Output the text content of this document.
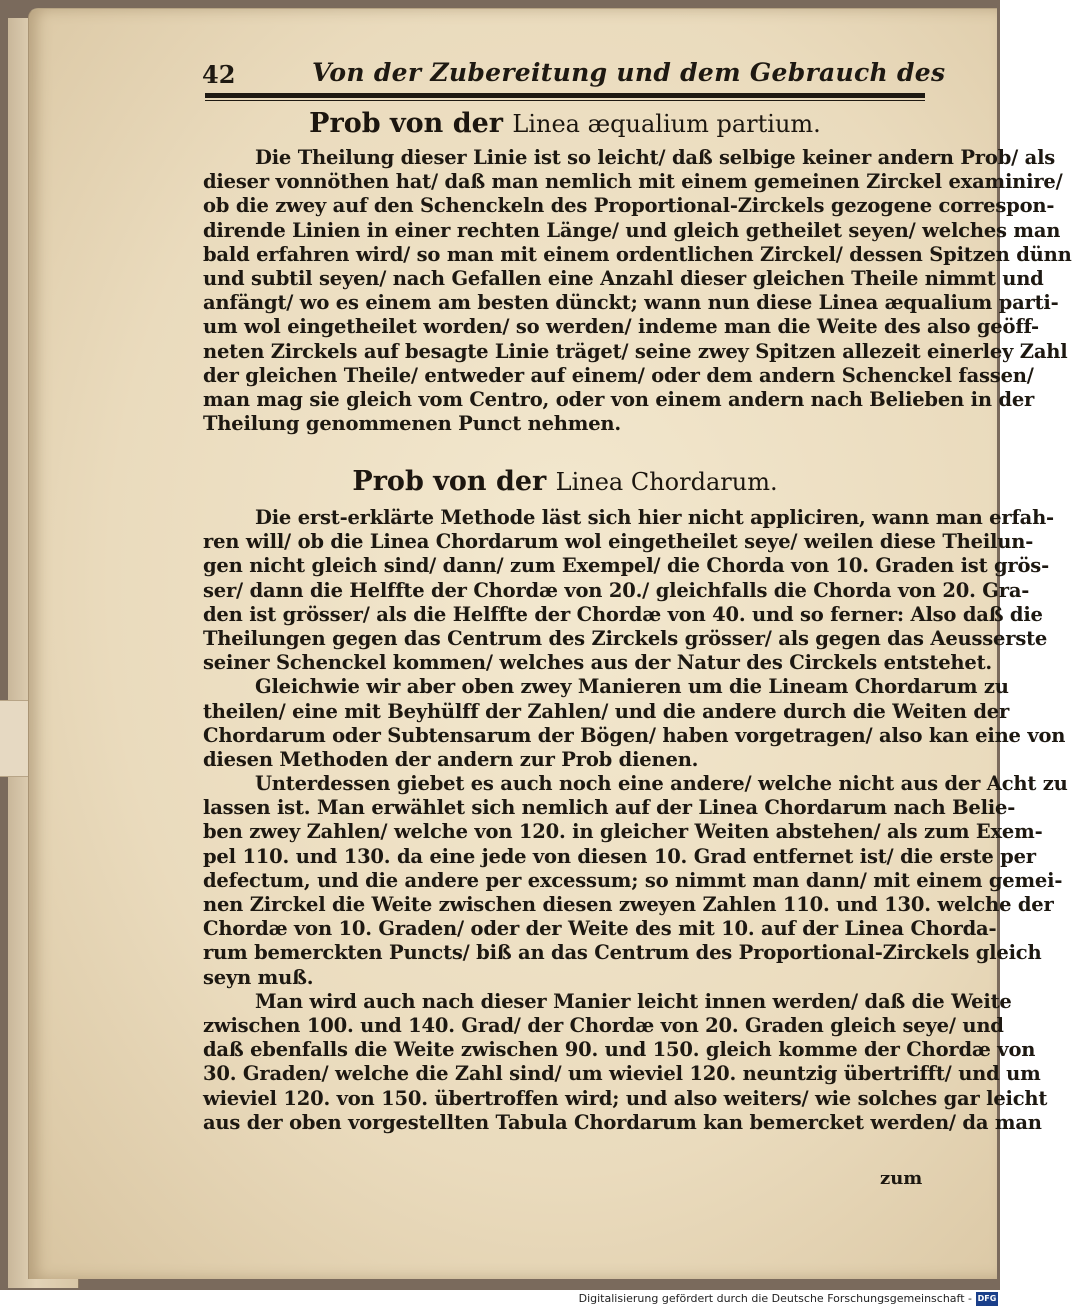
42	Von der Zubereitung und dem Gebrauch des
Prob von der Linea æqualium partium.
Die Theilung dieser Linie ist so leicht/ daß selbige keiner andern Prob/ als
dieser vonnöthen hat/ daß man nemlich mit einem gemeinen Zirckel examinire/
ob die zwey auf den Schenckeln des Proportional-Zirckels gezogene correspon-
dirende Linien in einer rechten Länge/ und gleich getheilet seyen/ welches man
bald erfahren wird/ so man mit einem ordentlichen Zirckel/ dessen Spitzen dünn
und subtil seyen/ nach Gefallen eine Anzahl dieser gleichen Theile nimmt und
anfängt/ wo es einem am besten dünckt; wann nun diese Linea æqualium parti-
um wol eingetheilet worden/ so werden/ indeme man die Weite des also geöff-
neten Zirckels auf besagte Linie träget/ seine zwey Spitzen allezeit einerley Zahl
der gleichen Theile/ entweder auf einem/ oder dem andern Schenckel fassen/
man mag sie gleich vom Centro, oder von einem andern nach Belieben in der
Theilung genommenen Punct nehmen.
Prob von der Linea Chordarum.
Die erst-erklärte Methode läst sich hier nicht appliciren, wann man erfah-
ren will/ ob die Linea Chordarum wol eingetheilet seye/ weilen diese Theilun-
gen nicht gleich sind/ dann/ zum Exempel/ die Chorda von 10. Graden ist grös-
ser/ dann die Helffte der Chordæ von 20./ gleichfalls die Chorda von 20. Gra-
den ist grösser/ als die Helffte der Chordæ von 40. und so ferner: Also daß die
Theilungen gegen das Centrum des Zirckels grösser/ als gegen das Aeusserste
seiner Schenckel kommen/ welches aus der Natur des Circkels entstehet.
Gleichwie wir aber oben zwey Manieren um die Lineam Chordarum zu
theilen/ eine mit Beyhülff der Zahlen/ und die andere durch die Weiten der
Chordarum oder Subtensarum der Bögen/ haben vorgetragen/ also kan eine von
diesen Methoden der andern zur Prob dienen.
Unterdessen giebet es auch noch eine andere/ welche nicht aus der Acht zu
lassen ist. Man erwählet sich nemlich auf der Linea Chordarum nach Belie-
ben zwey Zahlen/ welche von 120. in gleicher Weiten abstehen/ als zum Exem-
pel 110. und 130. da eine jede von diesen 10. Grad entfernet ist/ die erste per
defectum, und die andere per excessum; so nimmt man dann/ mit einem gemei-
nen Zirckel die Weite zwischen diesen zweyen Zahlen 110. und 130. welche der
Chordæ von 10. Graden/ oder der Weite des mit 10. auf der Linea Chorda-
rum bemerckten Puncts/ biß an das Centrum des Proportional-Zirckels gleich
seyn muß.
Man wird auch nach dieser Manier leicht innen werden/ daß die Weite
zwischen 100. und 140. Grad/ der Chordæ von 20. Graden gleich seye/ und
daß ebenfalls die Weite zwischen 90. und 150. gleich komme der Chordæ von
30. Graden/ welche die Zahl sind/ um wieviel 120. neuntzig übertrifft/ und um
wieviel 120. von 150. übertroffen wird; und also weiters/ wie solches gar leicht
aus der oben vorgestellten Tabula Chordarum kan bemercket werden/ da man
zum
Digitalisierung gefördert durch die Deutsche Forschungsgemeinschaft - DFG
